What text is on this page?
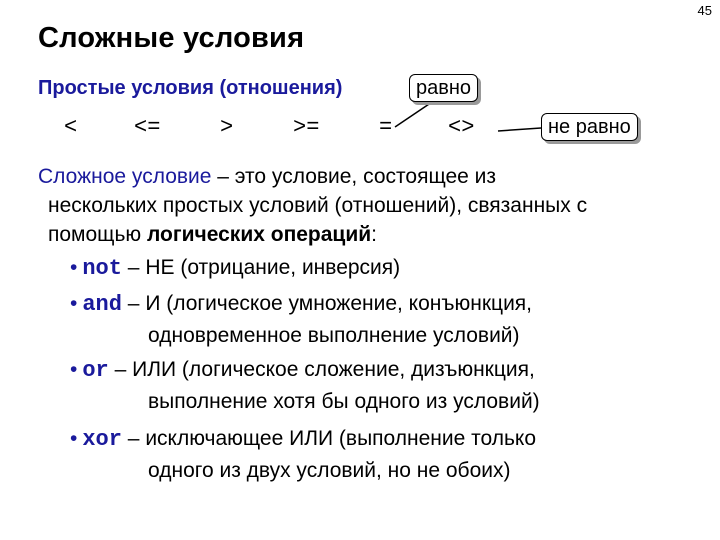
45
Сложные условия
Простые условия (отношения)	равно
не равно
<	<=	>	>=	=	<>
Сложное условие – это условие, состоящее из
нескольких простых условий (отношений), связанных с
помощью логических операций:
• not – НЕ (отрицание, инверсия)
• and – И (логическое умножение, конъюнкция,
одновременное выполнение условий)
• or – ИЛИ (логическое сложение, дизъюнкция,
выполнение хотя бы одного из условий)
• xor – исключающее ИЛИ (выполнение только
одного из двух условий, но не обоих)
